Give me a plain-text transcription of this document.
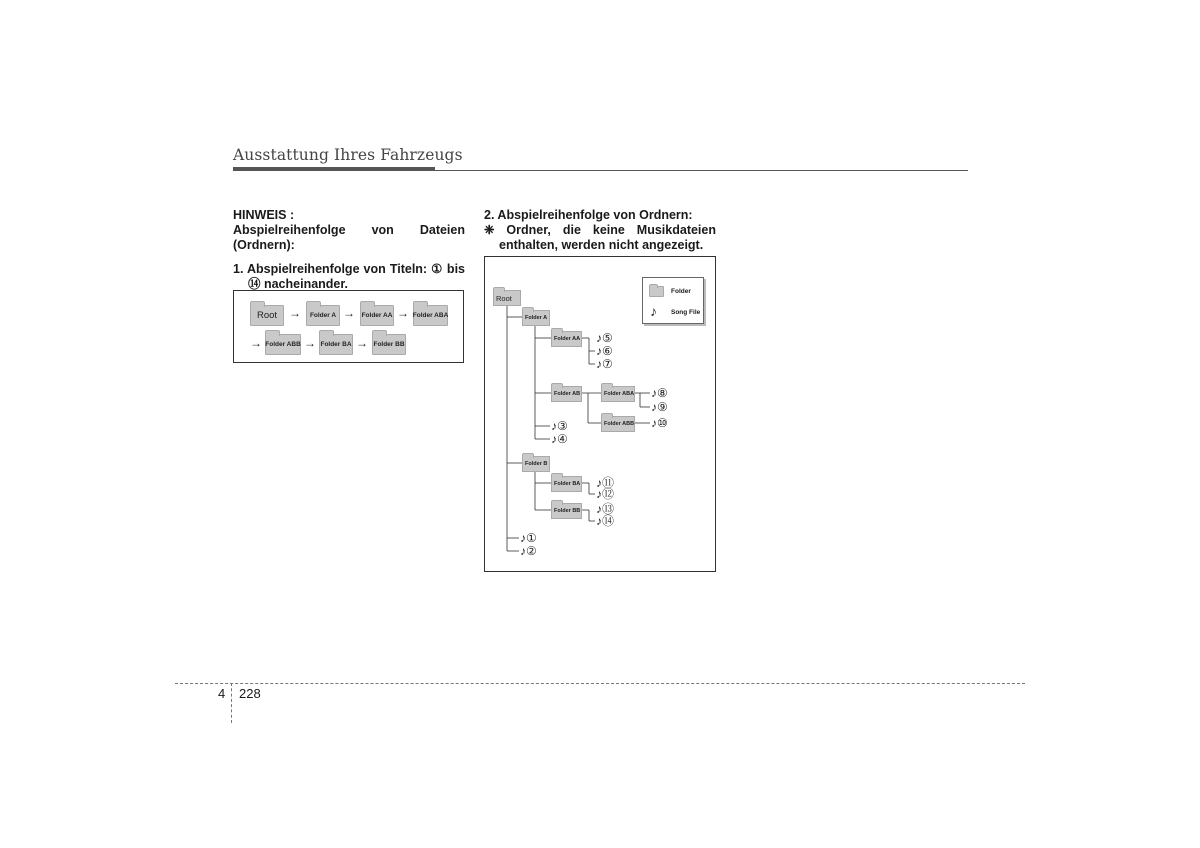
Ausstattung Ihres Fahrzeugs

HINWEIS :

Abspielreihenfolge von Dateien

(Ordnern):

1. Abspielreihenfolge von Titeln: ① bis

⑭ nacheinander.

Root → Folder A → Folder AA → Folder ABA
→ Folder ABB → Folder BA → Folder BB

2. Abspielreihenfolge von Ordnern:

❈ Ordner, die keine Musikdateien

enthalten, werden nicht angezeigt.

Folder
♪ Song File
Root
Folder A
Folder AA
Folder AB	Folder ABA
Folder ABB
Folder B
Folder BA
Folder BB
♪⑤
♪⑥
♪⑦
♪⑧
♪⑨
♪⑩
♪③
♪④
♪⑪
♪⑫
♪⑬
♪⑭
♪①
♪②
4 228
